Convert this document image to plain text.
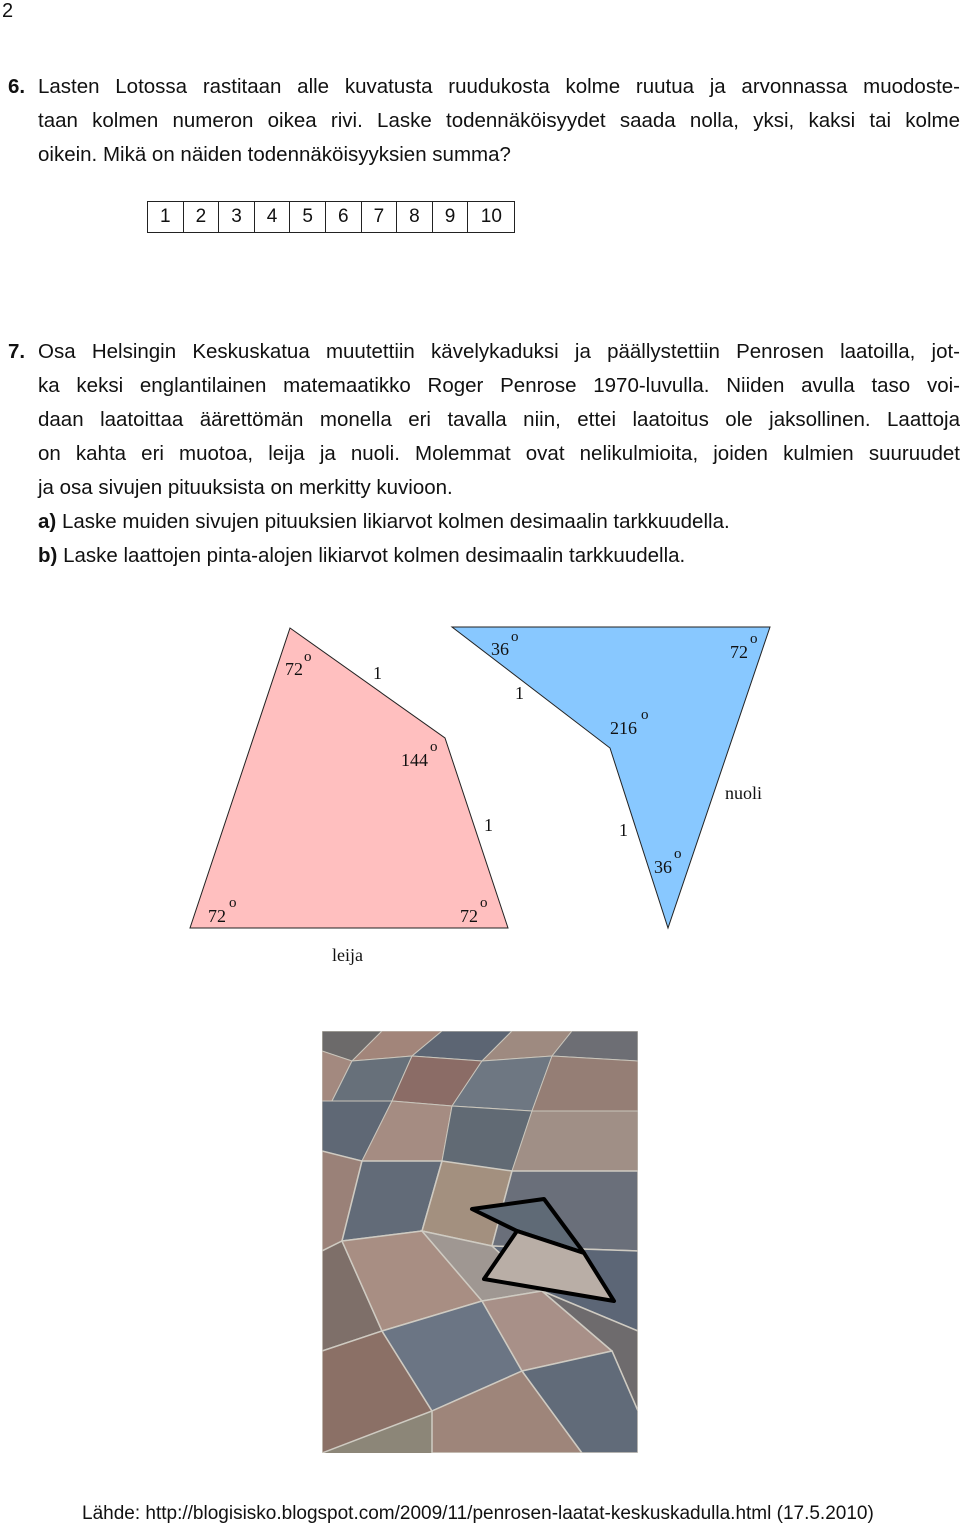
2
6. Lasten Lotossa rastitaan alle kuvatusta ruudukosta kolme ruutua ja arvonnassa muodoste-
taan kolmen numeron oikea rivi. Laske todennäköisyydet saada nolla, yksi, kaksi tai kolme
oikein. Mikä on näiden todennäköisyyksien summa?
1	2	3	4	5	6	7	8	9	10
7. Osa Helsingin Keskuskatua muutettiin kävelykaduksi ja päällystettiin Penrosen laatoilla, jot-
ka keksi englantilainen matemaatikko Roger Penrose 1970-luvulla. Niiden avulla taso voi-
daan laatoittaa äärettömän monella eri tavalla niin, ettei laatoitus ole jaksollinen. Laattoja
on kahta eri muotoa, leija ja nuoli. Molemmat ovat nelikulmioita, joiden kulmien suuruudet
ja osa sivujen pituuksista on merkitty kuvioon.
a) Laske muiden sivujen pituuksien likiarvot kolmen desimaalin tarkkuudella.
b) Laske laattojen pinta-alojen likiarvot kolmen desimaalin tarkkuudella.
72
o
1
144
o
1
72
o
72
o
leija
36
o
72
o
1
216
o
nuoli
1
36
o
Lähde: http://blogisisko.blogspot.com/2009/11/penrosen-laatat-keskuskadulla.html (17.5.2010)
